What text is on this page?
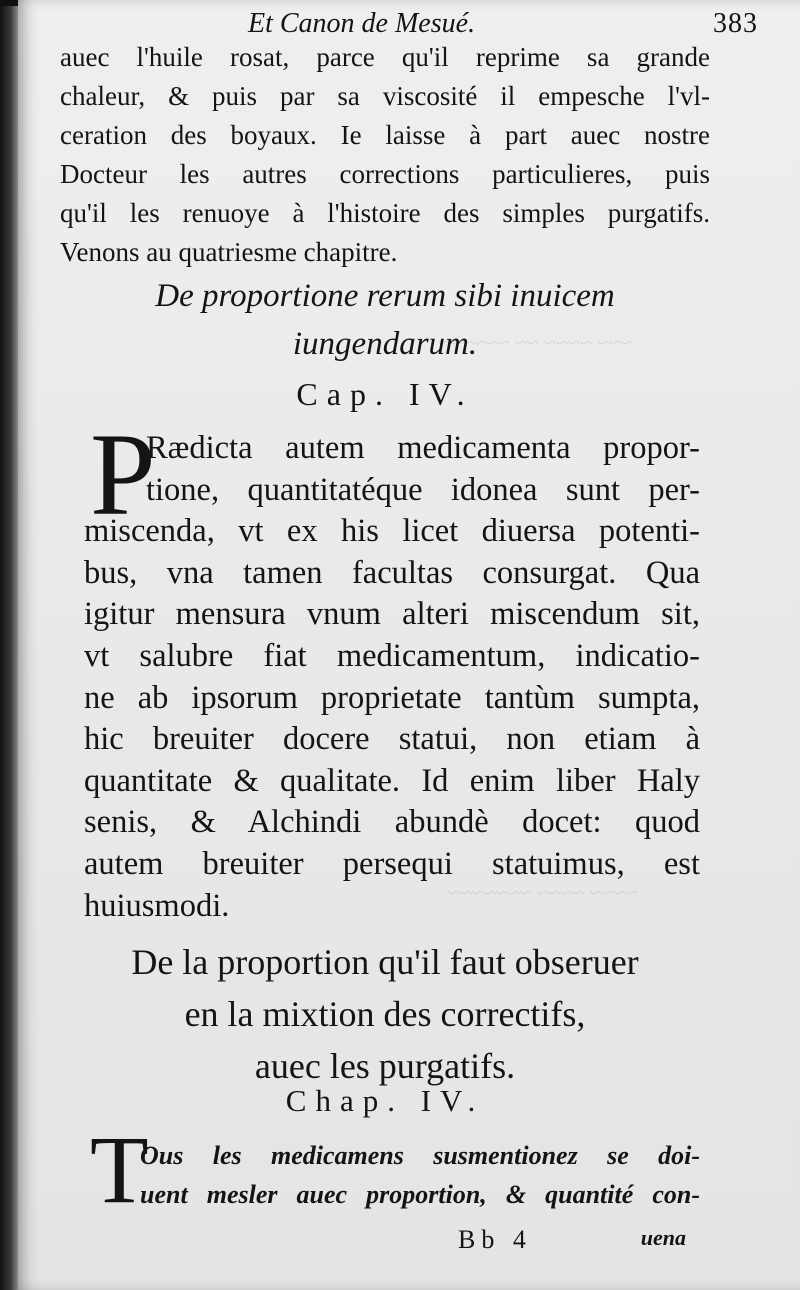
~~~ ~~~~ ~~ ~~~~~~
~~~~ ~~~~ ~~~~~~~
Et Canon de Mesué.	383
auec l'huile rosat, parce qu'il reprime sa grande
chaleur, & puis par sa viscosité il empesche l'vl-
ceration des boyaux. Ie laisse à part auec nostre
Docteur les autres corrections particulieres, puis
qu'il les renuoye à l'histoire des simples purgatifs.
Venons au quatriesme chapitre.
De proportione rerum sibi inuicem
iungendarum.
Cap. IV.
P
Rædicta autem medicamenta propor-
tione, quantitatéque idonea sunt per-
miscenda, vt ex his licet diuersa potenti-
bus, vna tamen facultas consurgat. Qua
igitur mensura vnum alteri miscendum sit,
vt salubre fiat medicamentum, indicatio-
ne ab ipsorum proprietate tantùm sumpta,
hic breuiter docere statui, non etiam à
quantitate & qualitate. Id enim liber Haly
senis, & Alchindi abundè docet: quod
autem breuiter persequi statuimus, est
huiusmodi.
De la proportion qu'il faut obseruer
en la mixtion des correctifs,
auec les purgatifs.
Chap. IV.
T
Ous les medicamens susmentionez se doi-
uent mesler auec proportion, & quantité con-
Bb 4	uena
